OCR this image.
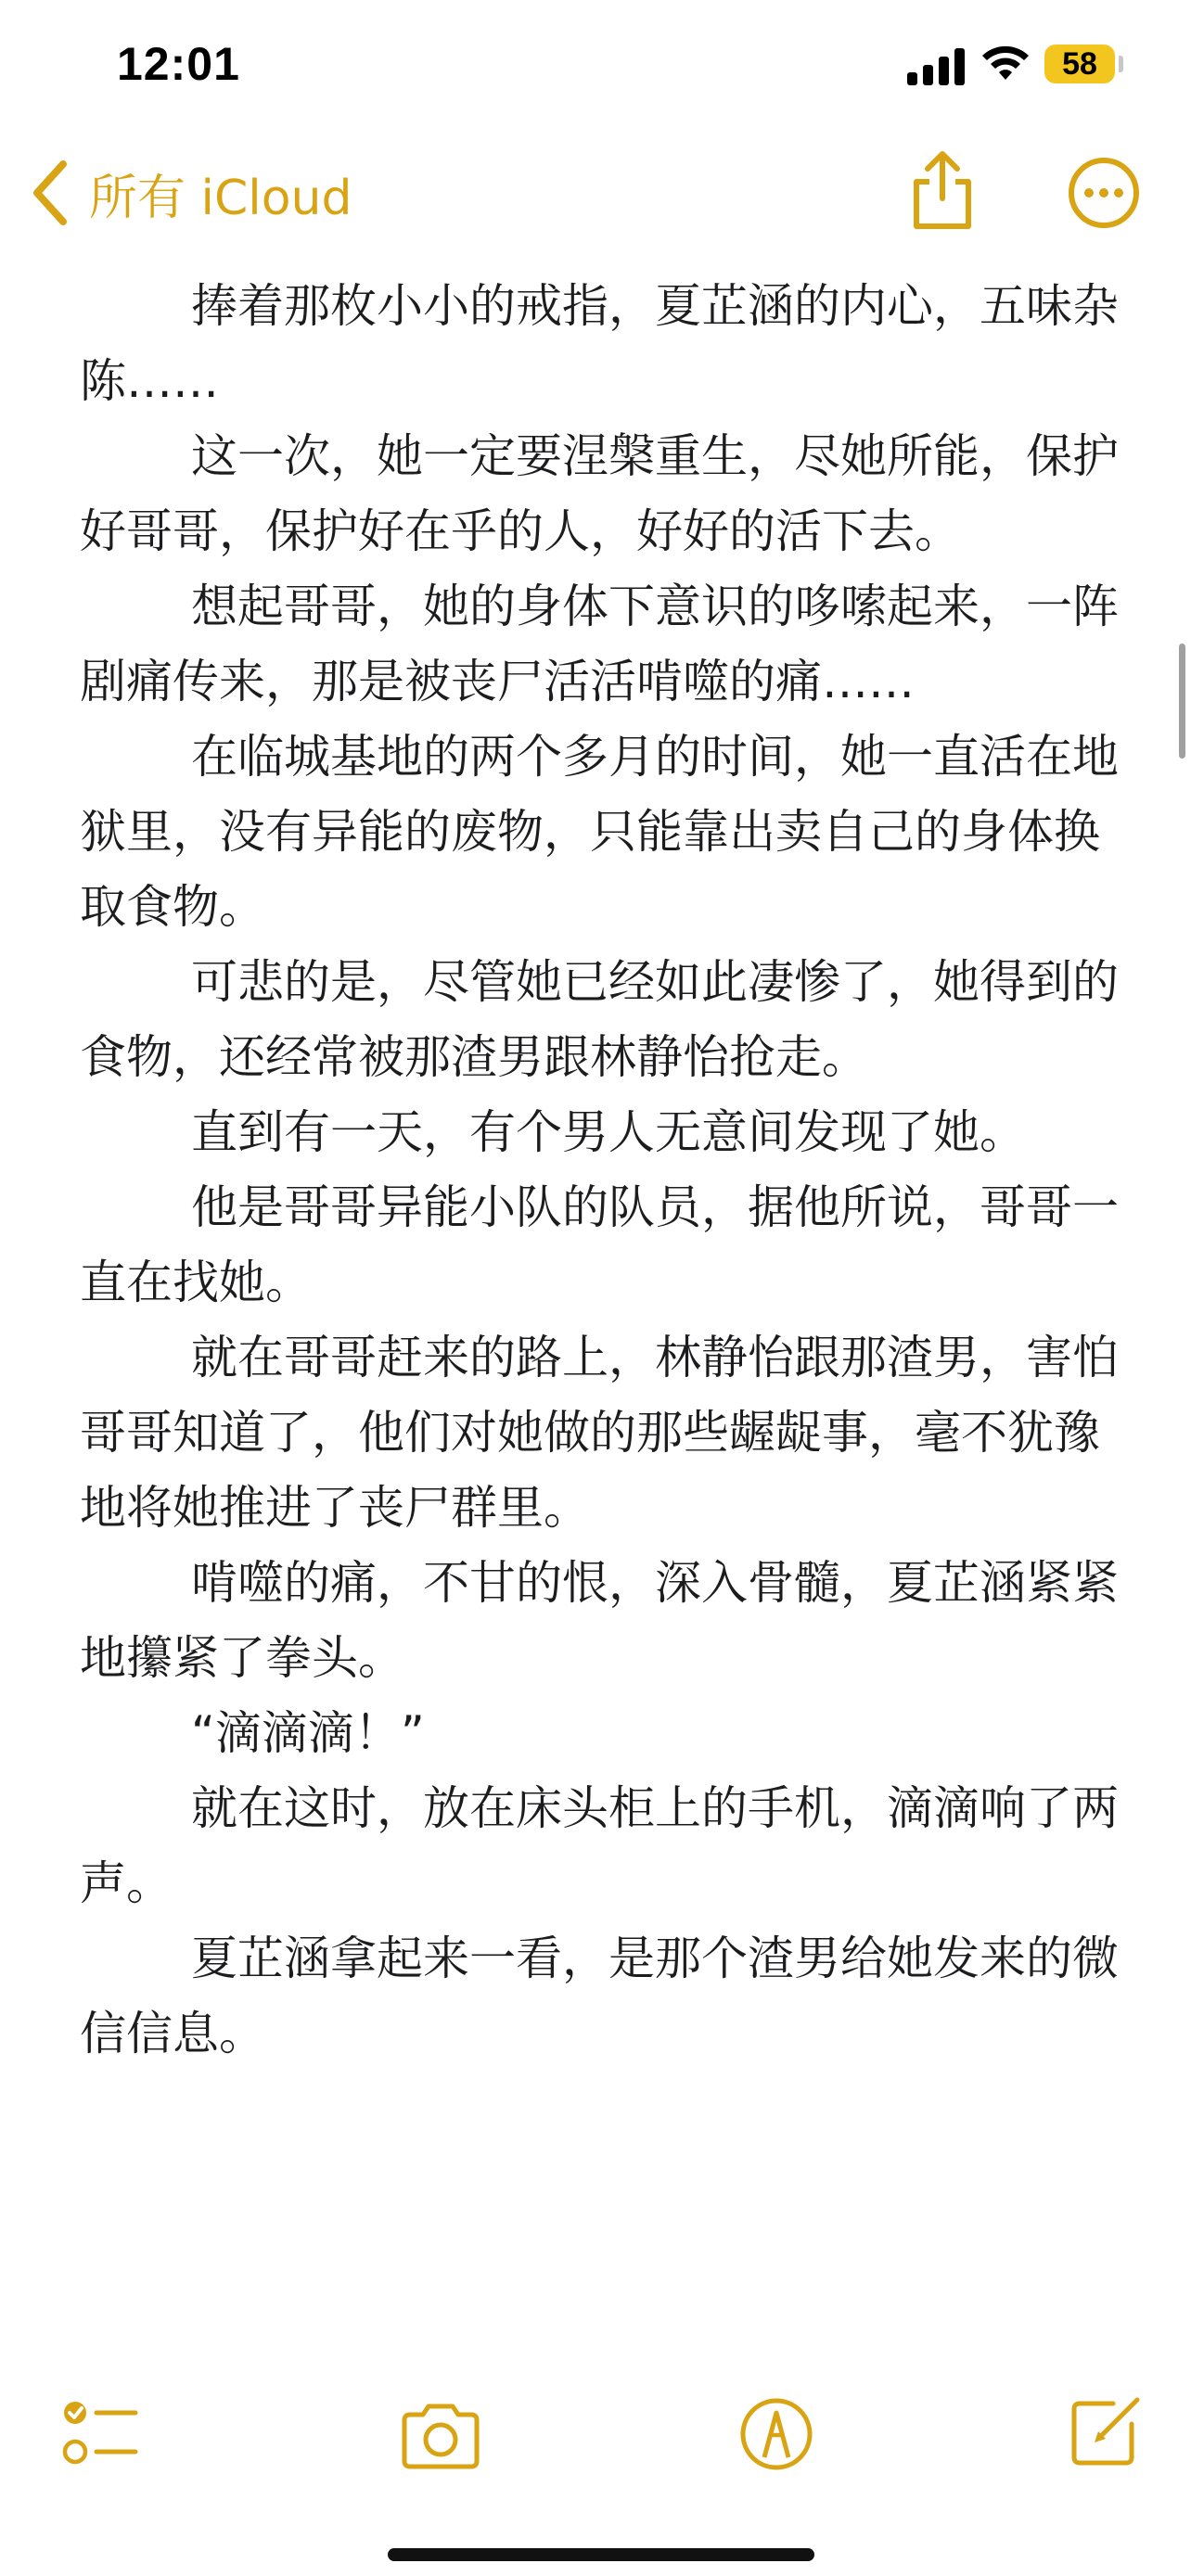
12:01	58
所有 iCloud

捧着那枚小小的戒指，夏芷涵的内心，五味杂陈……

这一次，她一定要涅槃重生，尽她所能，保护好哥哥，保护好在乎的人，好好的活下去。

想起哥哥，她的身体下意识的哆嗦起来，一阵剧痛传来，那是被丧尸活活啃噬的痛……

在临城基地的两个多月的时间，她一直活在地狱里，没有异能的废物，只能靠出卖自己的身体换取食物。

可悲的是，尽管她已经如此凄惨了，她得到的食物，还经常被那渣男跟林静怡抢走。

直到有一天，有个男人无意间发现了她。

他是哥哥异能小队的队员，据他所说，哥哥一直在找她。

就在哥哥赶来的路上，林静怡跟那渣男，害怕哥哥知道了，他们对她做的那些龌龊事，毫不犹豫地将她推进了丧尸群里。

啃噬的痛，不甘的恨，深入骨髓，夏芷涵紧紧地攥紧了拳头。

“滴滴滴！”

就在这时，放在床头柜上的手机，滴滴响了两声。

夏芷涵拿起来一看，是那个渣男给她发来的微信信息。
